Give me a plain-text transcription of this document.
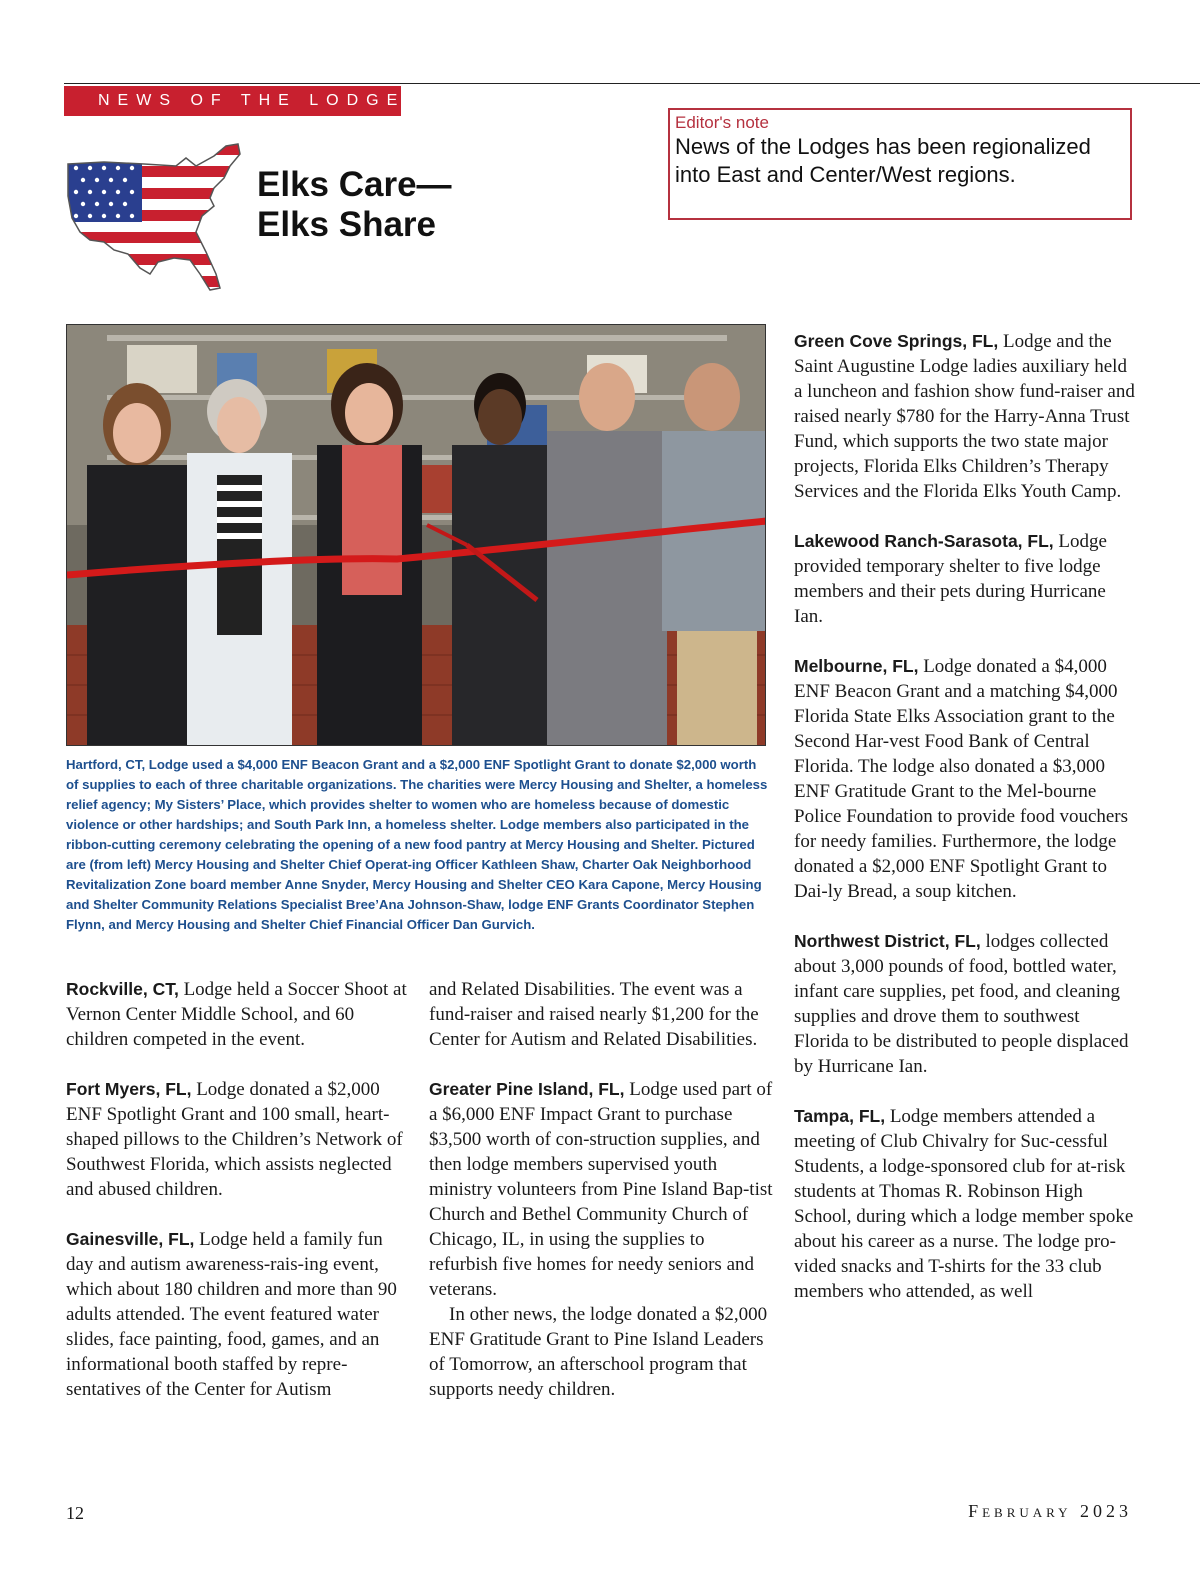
NEWS OF THE LODGES
Editor's note
News of the Lodges has been regionalized into East and Center/West regions.
Elks Care—
Elks Share
Hartford, CT, Lodge used a $4,000 ENF Beacon Grant and a $2,000 ENF Spotlight Grant to donate $2,000 worth of supplies to each of three charitable organizations. The charities were Mercy Housing and Shelter, a homeless relief agency; My Sisters’ Place, which provides shelter to women who are homeless because of domestic violence or other hardships; and South Park Inn, a homeless shelter. Lodge members also participated in the ribbon-cutting ceremony celebrating the opening of a new food pantry at Mercy Housing and Shelter. Pictured are (from left) Mercy Housing and Shelter Chief Operat-ing Officer Kathleen Shaw, Charter Oak Neighborhood Revitalization Zone board member Anne Snyder, Mercy Housing and Shelter CEO Kara Capone, Mercy Housing and Shelter Community Relations Specialist Bree’Ana Johnson-Shaw, lodge ENF Grants Coordinator Stephen Flynn, and Mercy Housing and Shelter Chief Financial Officer Dan Gurvich.

Rockville, CT, Lodge held a Soccer Shoot at Vernon Center Middle School, and 60 children competed in the event.

Fort Myers, FL, Lodge donated a $2,000 ENF Spotlight Grant and 100 small, heart-shaped pillows to the Children’s Network of Southwest Florida, which assists neglected and abused children.

Gainesville, FL, Lodge held a family fun day and autism awareness-rais-ing event, which about 180 children and more than 90 adults attended. The event featured water slides, face painting, food, games, and an informational booth staffed by repre-sentatives of the Center for Autism

and Related Disabilities. The event was a fund-raiser and raised nearly $1,200 for the Center for Autism and Related Disabilities.

Greater Pine Island, FL, Lodge used part of a $6,000 ENF Impact Grant to purchase $3,500 worth of con-struction supplies, and then lodge members supervised youth ministry volunteers from Pine Island Bap-tist Church and Bethel Community Church of Chicago, IL, in using the supplies to refurbish five homes for needy seniors and veterans.

In other news, the lodge donated a $2,000 ENF Gratitude Grant to Pine Island Leaders of Tomorrow, an afterschool program that supports needy children.

Green Cove Springs, FL, Lodge and the Saint Augustine Lodge ladies auxiliary held a luncheon and fashion show fund-raiser and raised nearly $780 for the Harry-Anna Trust Fund, which supports the two state major projects, Florida Elks Children’s Therapy Services and the Florida Elks Youth Camp.

Lakewood Ranch-Sarasota, FL, Lodge provided temporary shelter to five lodge members and their pets during Hurricane Ian.

Melbourne, FL, Lodge donated a $4,000 ENF Beacon Grant and a matching $4,000 Florida State Elks Association grant to the Second Har-vest Food Bank of Central Florida. The lodge also donated a $3,000 ENF Gratitude Grant to the Mel-bourne Police Foundation to provide food vouchers for needy families. Furthermore, the lodge donated a $2,000 ENF Spotlight Grant to Dai-ly Bread, a soup kitchen.

Northwest District, FL, lodges collected about 3,000 pounds of food, bottled water, infant care supplies, pet food, and cleaning supplies and drove them to southwest Florida to be distributed to people displaced by Hurricane Ian.

Tampa, FL, Lodge members attended a meeting of Club Chivalry for Suc-cessful Students, a lodge-sponsored club for at-risk students at Thomas R. Robinson High School, during which a lodge member spoke about his career as a nurse. The lodge pro-vided snacks and T-shirts for the 33 club members who attended, as well

12	February 2023
